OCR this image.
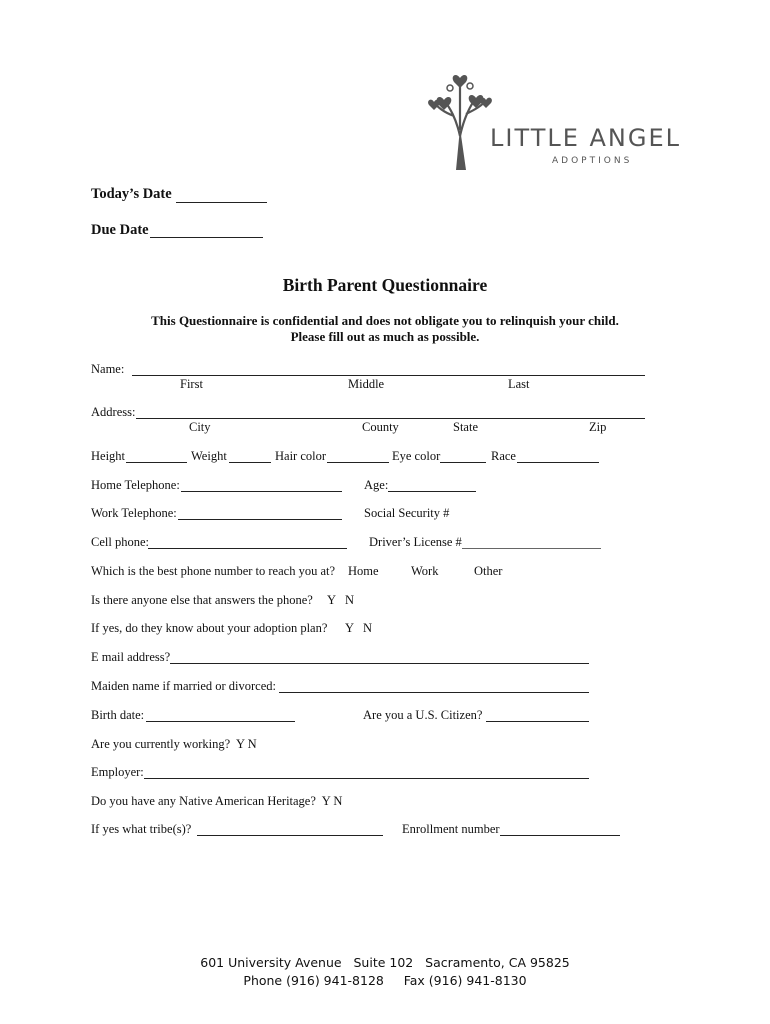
LITTLE ANGEL
ADOPTIONS
Today’s Date
Due Date
Birth Parent Questionnaire
This Questionnaire is confidential and does not obligate you to relinquish your child.
Please fill out as much as possible.
Name:
First	Middle	Last
Address:
City	County	State	Zip
Height	Weight	Hair color	Eye color	Race
Home Telephone:	Age:
Work Telephone:	Social Security #
Cell phone:	Driver’s License #
Which is the best phone number to reach you at? Home	Work	Other
Is there anyone else that answers the phone? Y   N
If yes, do they know about your adoption plan? Y   N
E mail address?
Maiden name if married or divorced:
Birth date:	Are you a U.S. Citizen?
Are you currently working?  Y N
Employer:
Do you have any Native American Heritage?  Y N
If yes what tribe(s)?	Enrollment number
601 University Avenue   Suite 102   Sacramento, CA 95825
Phone (916) 941-8128     Fax (916) 941-8130
